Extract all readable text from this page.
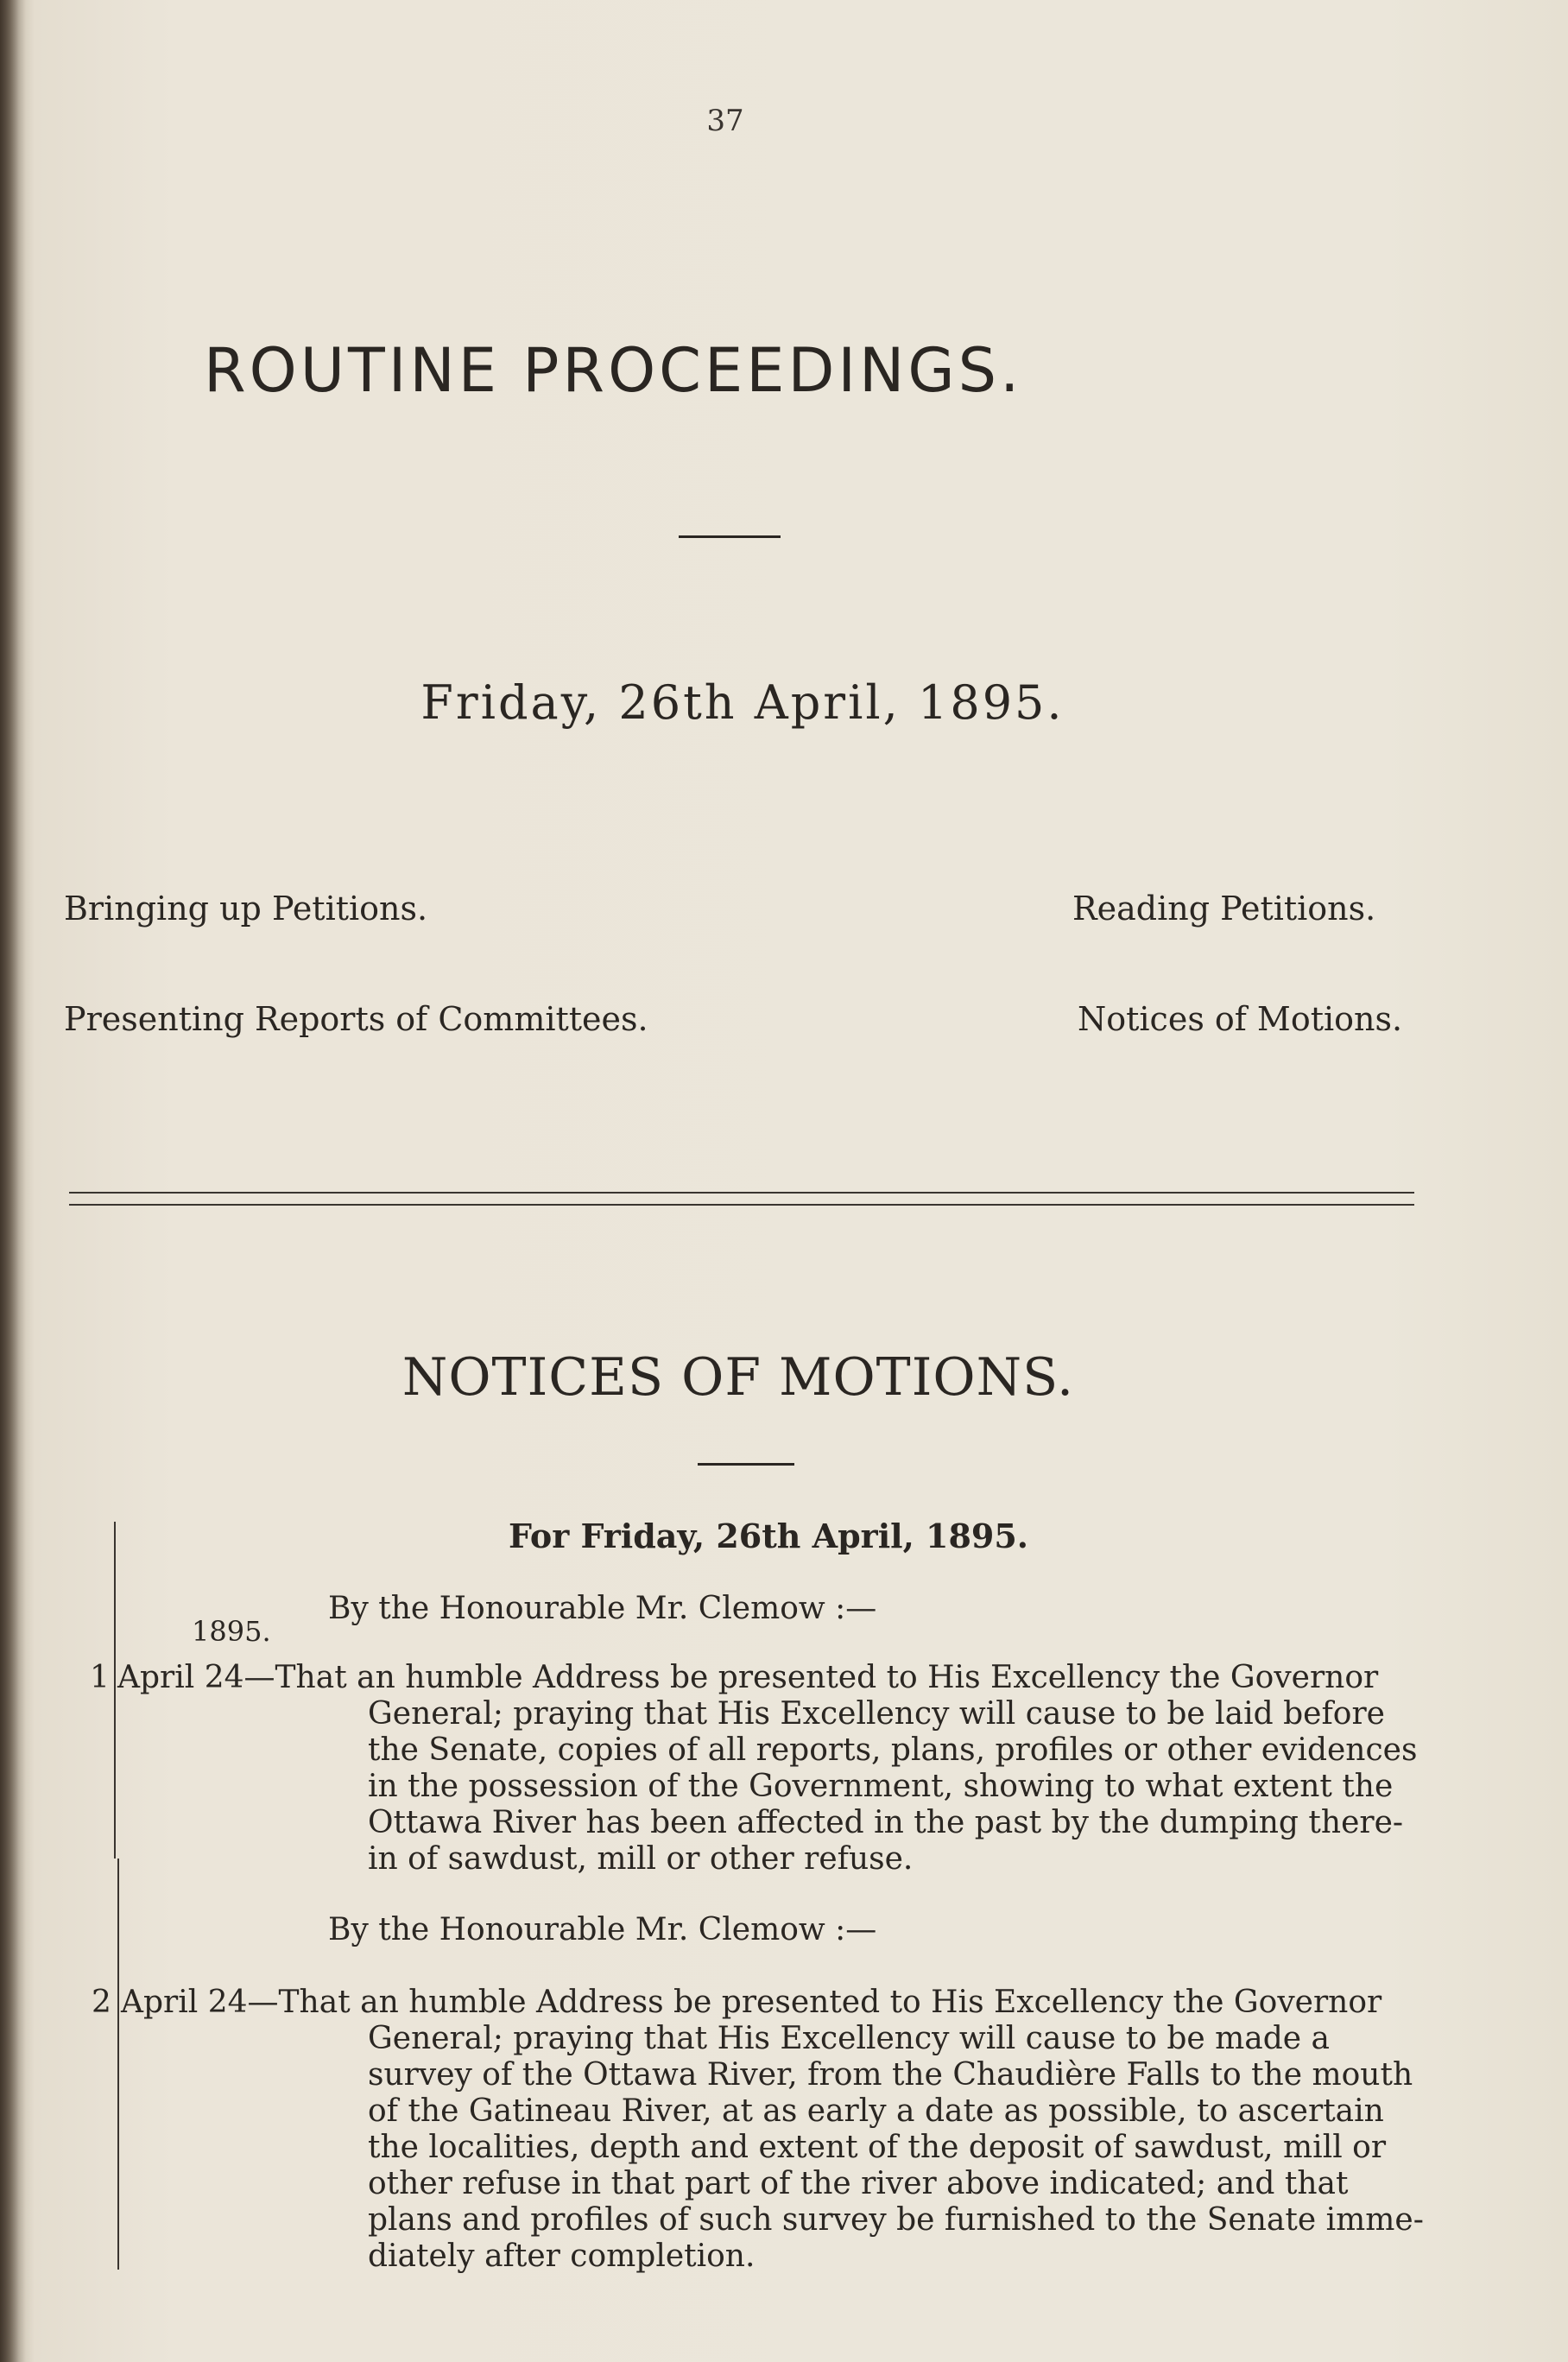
37
ROUTINE PROCEEDINGS.
Friday, 26th April, 1895.
Bringing up Petitions.	Reading Petitions.
Presenting Reports of Committees.	Notices of Motions.
NOTICES OF MOTIONS.
For Friday, 26th April, 1895.
By the Honourable Mr. Clemow :—
1895.
1 April 24—That an humble Address be presented to His Excellency the Governor
General; praying that His Excellency will cause to be laid before
the Senate, copies of all reports, plans, profiles or other evidences
in the possession of the Government, showing to what extent the
Ottawa River has been affected in the past by the dumping there-
in of sawdust, mill or other refuse.
By the Honourable Mr. Clemow :—
2 April 24—That an humble Address be presented to His Excellency the Governor
General; praying that His Excellency will cause to be made a
survey of the Ottawa River, from the Chaudière Falls to the mouth
of the Gatineau River, at as early a date as possible, to ascertain
the localities, depth and extent of the deposit of sawdust, mill or
other refuse in that part of the river above indicated; and that
plans and profiles of such survey be furnished to the Senate imme-
diately after completion.
